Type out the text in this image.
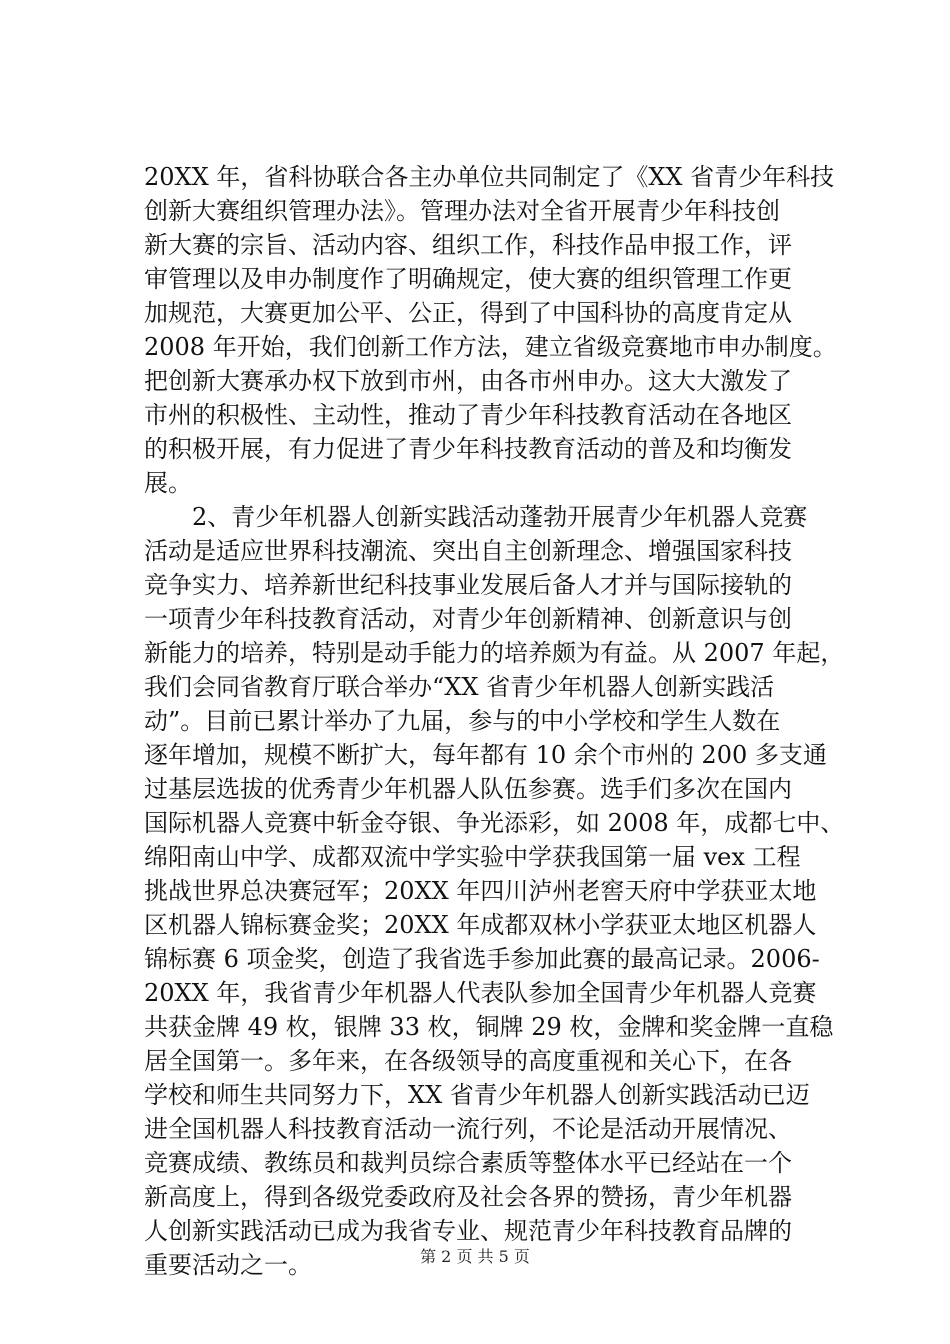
20XX 年，省科协联合各主办单位共同制定了《XX 省青少年科技
创新大赛组织管理办法》。管理办法对全省开展青少年科技创
新大赛的宗旨、活动内容、组织工作，科技作品申报工作，评
审管理以及申办制度作了明确规定，使大赛的组织管理工作更
加规范，大赛更加公平、公正，得到了中国科协的高度肯定从
2008 年开始，我们创新工作方法，建立省级竞赛地市申办制度。
把创新大赛承办权下放到市州，由各市州申办。这大大激发了
市州的积极性、主动性，推动了青少年科技教育活动在各地区
的积极开展，有力促进了青少年科技教育活动的普及和均衡发
展。
　　2、青少年机器人创新实践活动蓬勃开展青少年机器人竞赛
活动是适应世界科技潮流、突出自主创新理念、增强国家科技
竞争实力、培养新世纪科技事业发展后备人才并与国际接轨的
一项青少年科技教育活动，对青少年创新精神、创新意识与创
新能力的培养，特别是动手能力的培养颇为有益。从 2007 年起，
我们会同省教育厅联合举办“XX 省青少年机器人创新实践活
动”。目前已累计举办了九届，参与的中小学校和学生人数在
逐年增加，规模不断扩大，每年都有 10 余个市州的 200 多支通
过基层选拔的优秀青少年机器人队伍参赛。选手们多次在国内
国际机器人竞赛中斩金夺银、争光添彩，如 2008 年，成都七中、
绵阳南山中学、成都双流中学实验中学获我国第一届 vex 工程
挑战世界总决赛冠军；20XX 年四川泸州老窖天府中学获亚太地
区机器人锦标赛金奖；20XX 年成都双林小学获亚太地区机器人
锦标赛 6 项金奖，创造了我省选手参加此赛的最高记录。2006-
20XX 年，我省青少年机器人代表队参加全国青少年机器人竞赛
共获金牌 49 枚，银牌 33 枚，铜牌 29 枚，金牌和奖金牌一直稳
居全国第一。多年来，在各级领导的高度重视和关心下，在各
学校和师生共同努力下，XX 省青少年机器人创新实践活动已迈
进全国机器人科技教育活动一流行列，不论是活动开展情况、
竞赛成绩、教练员和裁判员综合素质等整体水平已经站在一个
新高度上，得到各级党委政府及社会各界的赞扬，青少年机器
人创新实践活动已成为我省专业、规范青少年科技教育品牌的
重要活动之一。	第 2 页 共 5 页
